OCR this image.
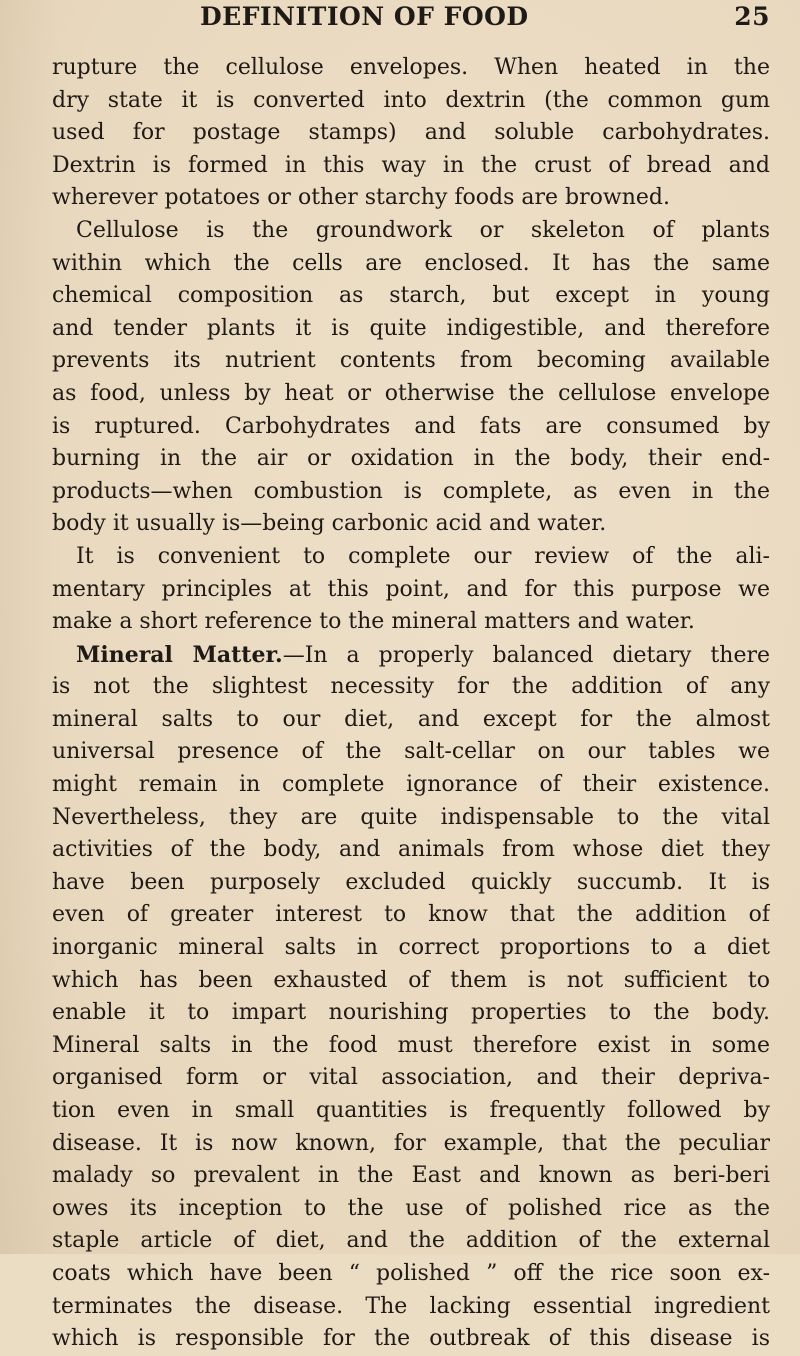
DEFINITION OF FOOD	25
rupture the cellulose envelopes. When heated in the
dry state it is converted into dextrin (the common gum
used for postage stamps) and soluble carbohydrates.
Dextrin is formed in this way in the crust of bread and
wherever potatoes or other starchy foods are browned.
Cellulose is the groundwork or skeleton of plants
within which the cells are enclosed. It has the same
chemical composition as starch, but except in young
and tender plants it is quite indigestible, and therefore
prevents its nutrient contents from becoming available
as food, unless by heat or otherwise the cellulose envelope
is ruptured. Carbohydrates and fats are consumed by
burning in the air or oxidation in the body, their end-
products—when combustion is complete, as even in the
body it usually is—being carbonic acid and water.
It is convenient to complete our review of the ali-
mentary principles at this point, and for this purpose we
make a short reference to the mineral matters and water.
Mineral Matter.—In a properly balanced dietary there
is not the slightest necessity for the addition of any
mineral salts to our diet, and except for the almost
universal presence of the salt-cellar on our tables we
might remain in complete ignorance of their existence.
Nevertheless, they are quite indispensable to the vital
activities of the body, and animals from whose diet they
have been purposely excluded quickly succumb. It is
even of greater interest to know that the addition of
inorganic mineral salts in correct proportions to a diet
which has been exhausted of them is not sufficient to
enable it to impart nourishing properties to the body.
Mineral salts in the food must therefore exist in some
organised form or vital association, and their depriva-
tion even in small quantities is frequently followed by
disease. It is now known, for example, that the peculiar
malady so prevalent in the East and known as beri-beri
owes its inception to the use of polished rice as the
staple article of diet, and the addition of the external
coats which have been “ polished ” off the rice soon ex-
terminates the disease. The lacking essential ingredient
which is responsible for the outbreak of this disease is
